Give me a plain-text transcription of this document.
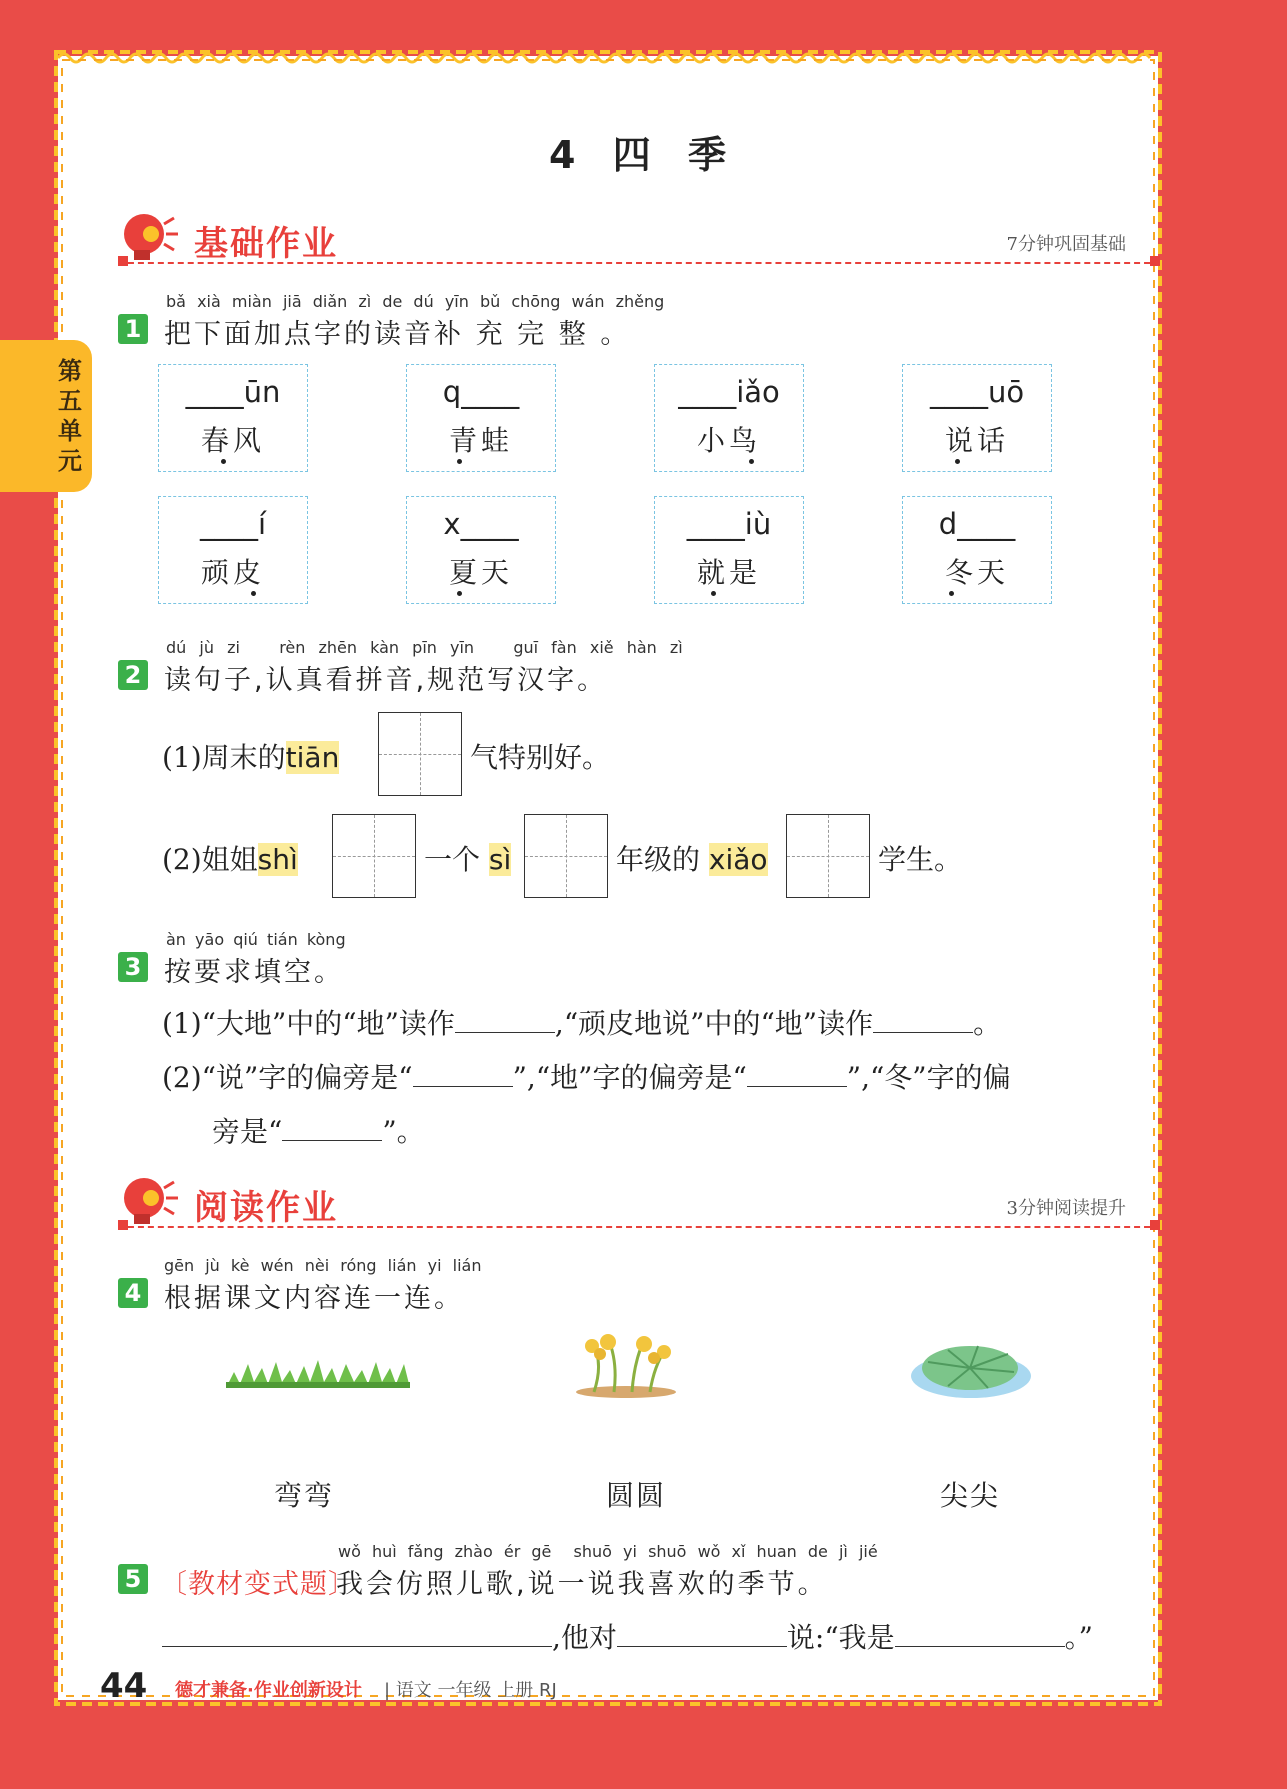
第五单元
4 四 季
基础作业	7分钟巩固基础
1
bǎ xià miàn jiā diǎn zì de dú yīn bǔ chōng wán zhěng
把下面加点字的读音补 充 完 整 。
____ūn
春风
q____
青蛙
____iǎo
小鸟
____uō
说话
____í
顽皮
x____
夏天
____iù
就是
d____
冬天
2
dú jù zi rèn zhēn kàn pīn yīn guī fàn xiě hàn zì
读句子,认真看拼音,规范写汉字。
(1)周末的tiān	气特别好。
(2)姐姐shì	一个 sì	年级的 xiǎo	学生。
3
àn yāo qiú tián kòng
按要求填空。
(1)“大地”中的“地”读作	,“顽皮地说”中的“地”读作	。
(2)“说”字的偏旁是“	”,“地”字的偏旁是“	”,“冬”字的偏
旁是“	”。
阅读作业	3分钟阅读提升
4
gēn jù kè wén nèi róng lián yi lián
根据课文内容连一连。
弯弯	圆圆	尖尖
5
wǒ huì fǎng zhào ér gē shuō yi shuō wǒ xǐ huan de jì jié
〔教材变式题〕
我会仿照儿歌,说一说我喜欢的季节。
,他对	说:“我是	。”
44 德才兼备·作业创新设计 | 语文 一年级 上册 RJ
